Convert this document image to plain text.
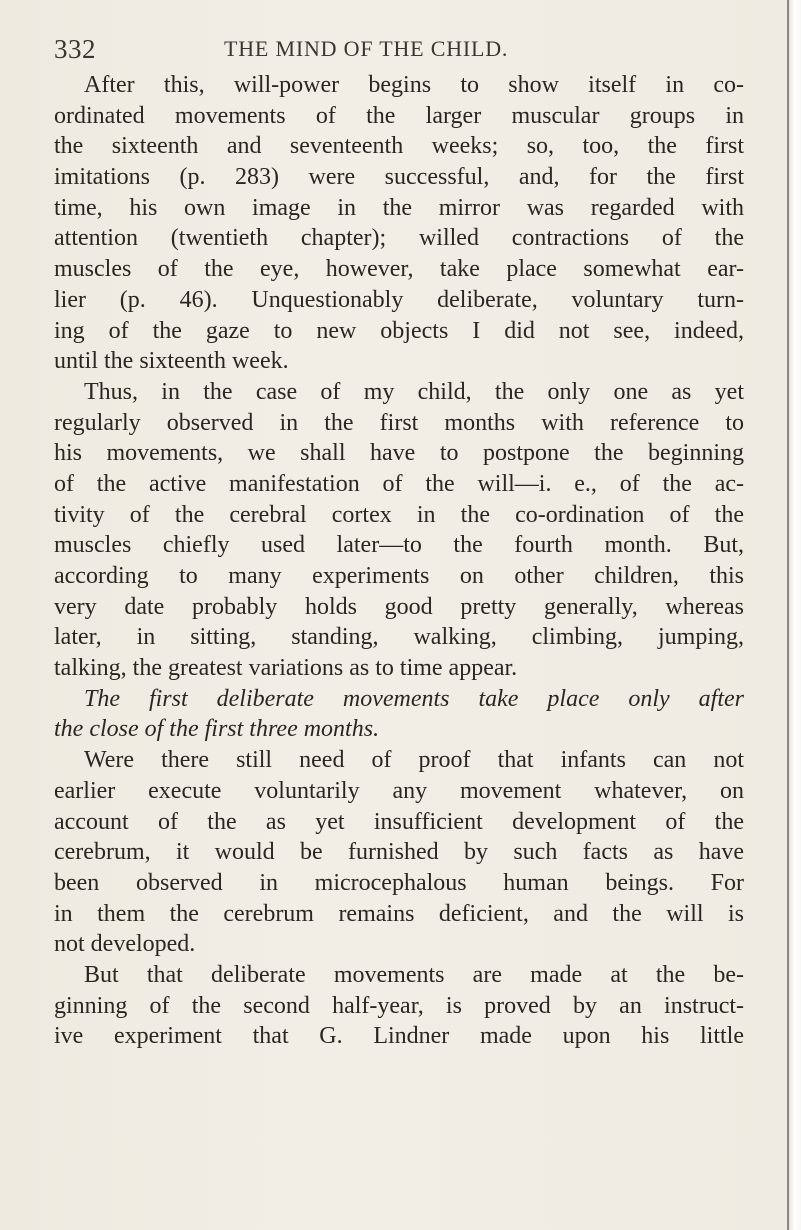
332	THE MIND OF THE CHILD.
After this, will-power begins to show itself in co-
ordinated movements of the larger muscular groups in
the sixteenth and seventeenth weeks; so, too, the first
imitations (p. 283) were successful, and, for the first
time, his own image in the mirror was regarded with
attention (twentieth chapter); willed contractions of the
muscles of the eye, however, take place somewhat ear-
lier (p. 46). Unquestionably deliberate, voluntary turn-
ing of the gaze to new objects I did not see, indeed,
until the sixteenth week.
Thus, in the case of my child, the only one as yet
regularly observed in the first months with reference to
his movements, we shall have to postpone the beginning
of the active manifestation of the will—i. e., of the ac-
tivity of the cerebral cortex in the co-ordination of the
muscles chiefly used later—to the fourth month. But,
according to many experiments on other children, this
very date probably holds good pretty generally, whereas
later, in sitting, standing, walking, climbing, jumping,
talking, the greatest variations as to time appear.
The first deliberate movements take place only after
the close of the first three months.
Were there still need of proof that infants can not
earlier execute voluntarily any movement whatever, on
account of the as yet insufficient development of the
cerebrum, it would be furnished by such facts as have
been observed in microcephalous human beings. For
in them the cerebrum remains deficient, and the will is
not developed.
But that deliberate movements are made at the be-
ginning of the second half-year, is proved by an instruct-
ive experiment that G. Lindner made upon his little
